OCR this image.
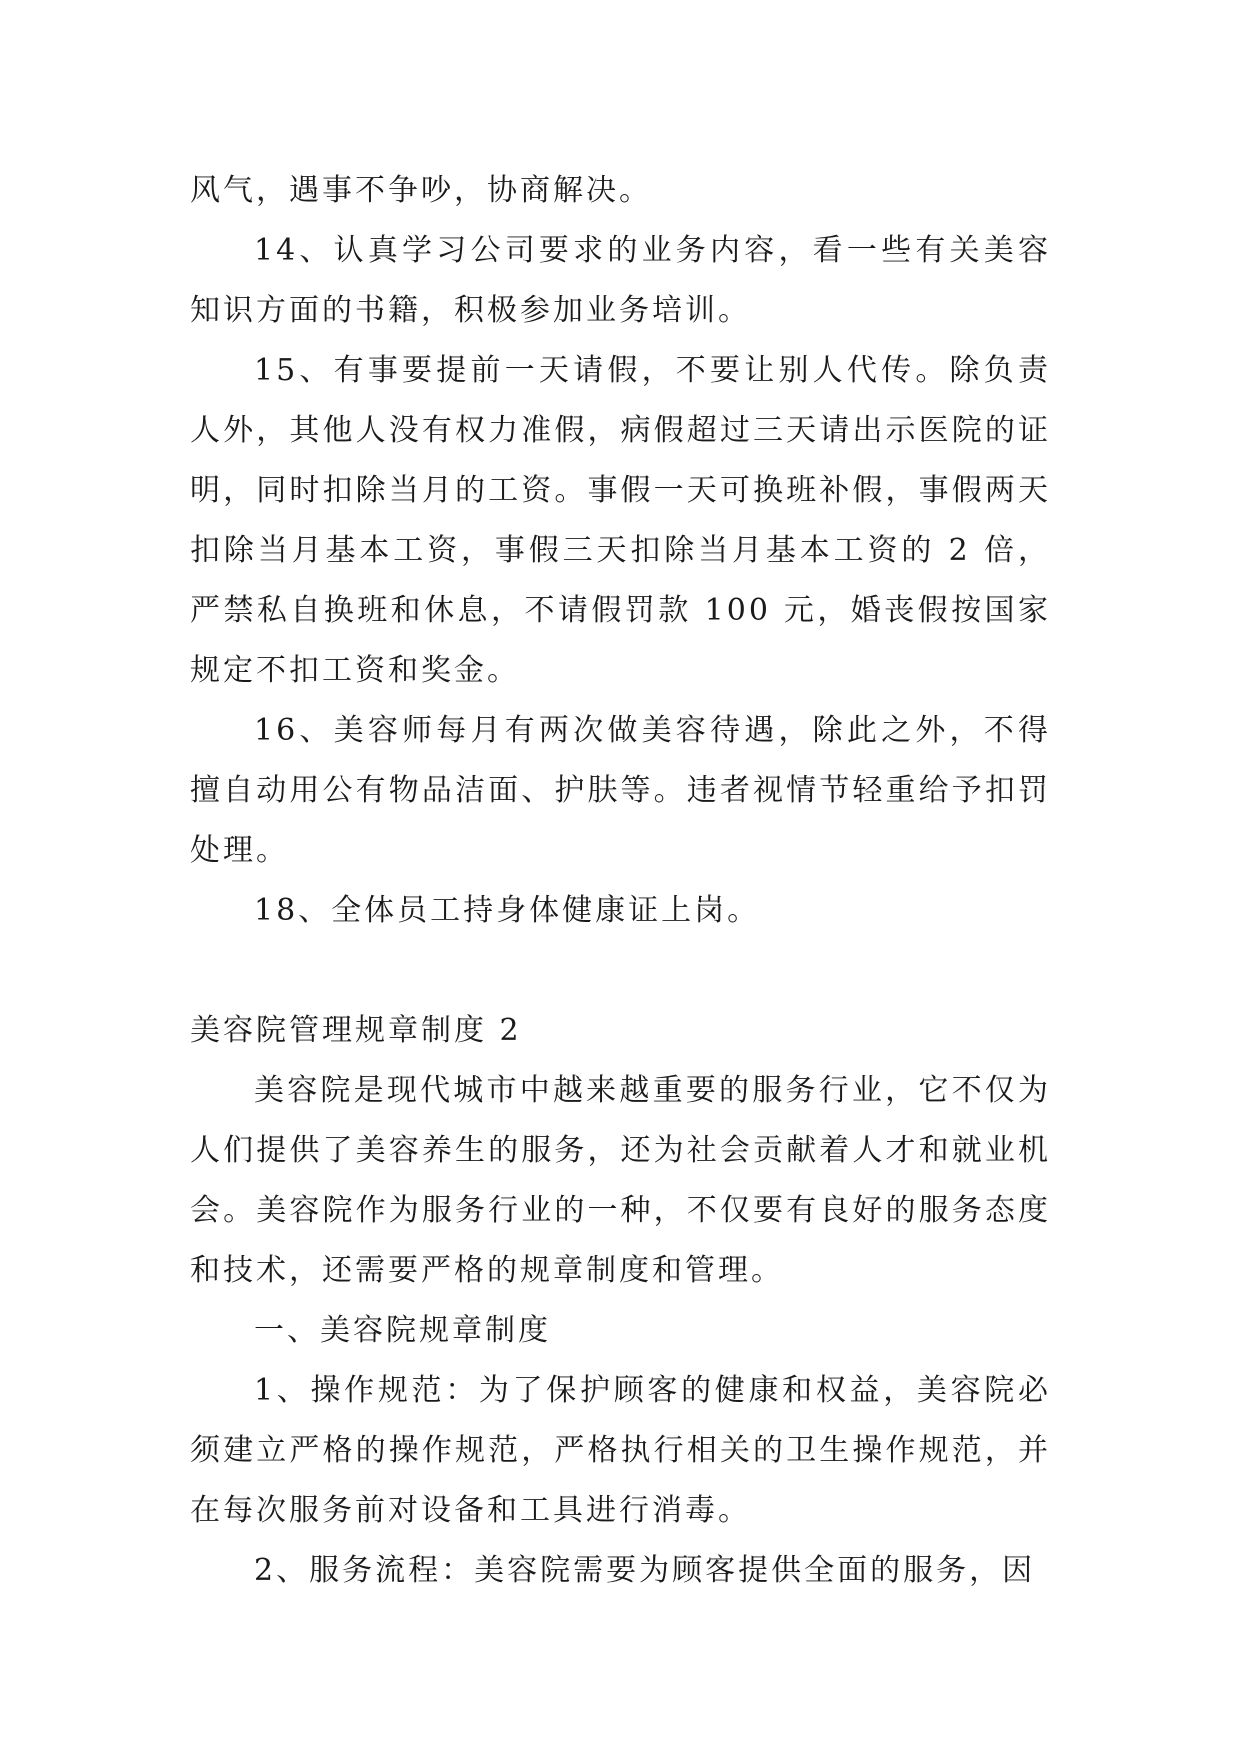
风气，遇事不争吵，协商解决。

14、认真学习公司要求的业务内容，看一些有关美容知识方面的书籍，积极参加业务培训。

15、有事要提前一天请假，不要让别人代传。除负责人外，其他人没有权力准假，病假超过三天请出示医院的证明，同时扣除当月的工资。事假一天可换班补假，事假两天扣除当月基本工资，事假三天扣除当月基本工资的 2 倍，严禁私自换班和休息，不请假罚款 100 元，婚丧假按国家规定不扣工资和奖金。

16、美容师每月有两次做美容待遇，除此之外，不得擅自动用公有物品洁面、护肤等。违者视情节轻重给予扣罚处理。

18、全体员工持身体健康证上岗。

美容院管理规章制度 2

美容院是现代城市中越来越重要的服务行业，它不仅为人们提供了美容养生的服务，还为社会贡献着人才和就业机会。美容院作为服务行业的一种，不仅要有良好的服务态度和技术，还需要严格的规章制度和管理。

一、美容院规章制度

1、操作规范：为了保护顾客的健康和权益，美容院必须建立严格的操作规范，严格执行相关的卫生操作规范，并在每次服务前对设备和工具进行消毒。

2、服务流程：美容院需要为顾客提供全面的服务，因
